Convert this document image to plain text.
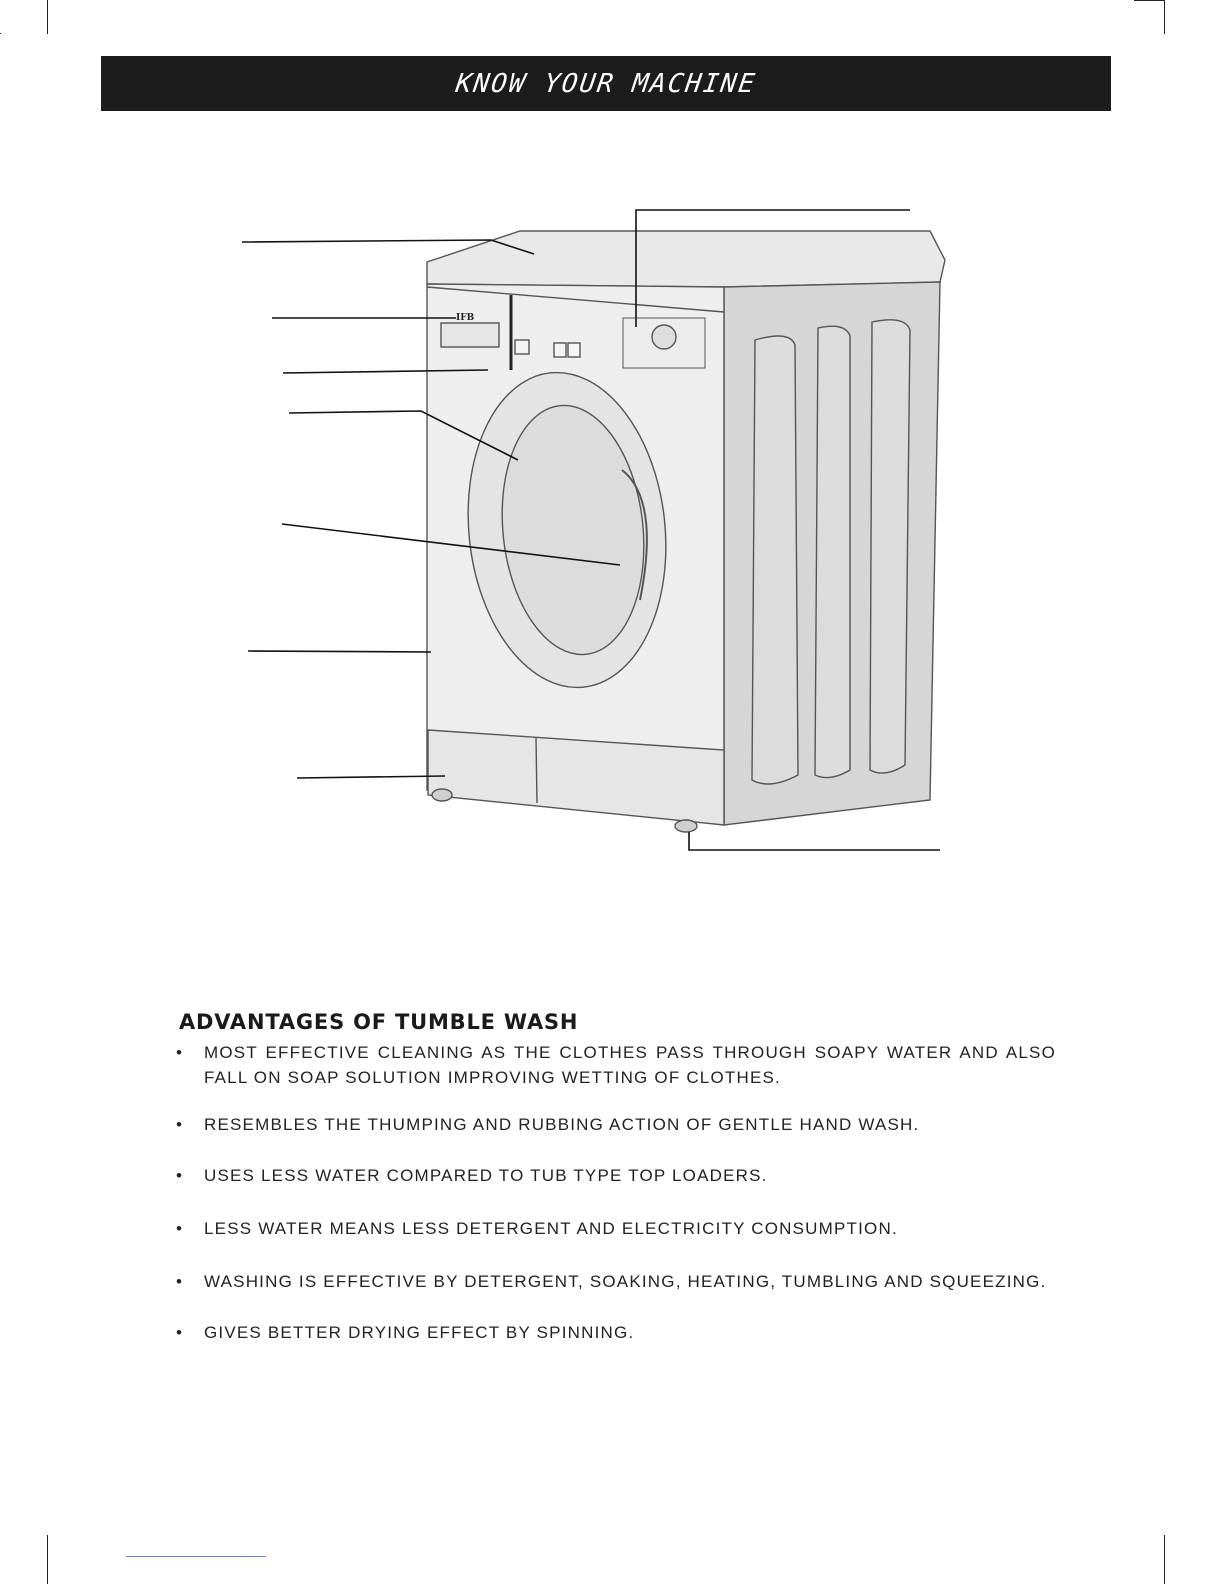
KNOW YOUR MACHINE
IFB
ADVANTAGES OF TUMBLE WASH
• MOST EFFECTIVE CLEANING AS THE CLOTHES PASS THROUGH SOAPY WATER AND ALSO FALL ON SOAP SOLUTION IMPROVING WETTING OF CLOTHES.
• RESEMBLES THE THUMPING AND RUBBING ACTION OF GENTLE HAND WASH.
• USES LESS WATER COMPARED TO TUB TYPE TOP LOADERS.
• LESS WATER MEANS LESS DETERGENT AND ELECTRICITY CONSUMPTION.
• WASHING IS EFFECTIVE BY DETERGENT, SOAKING, HEATING, TUMBLING AND SQUEEZING.
• GIVES BETTER DRYING EFFECT BY SPINNING.
